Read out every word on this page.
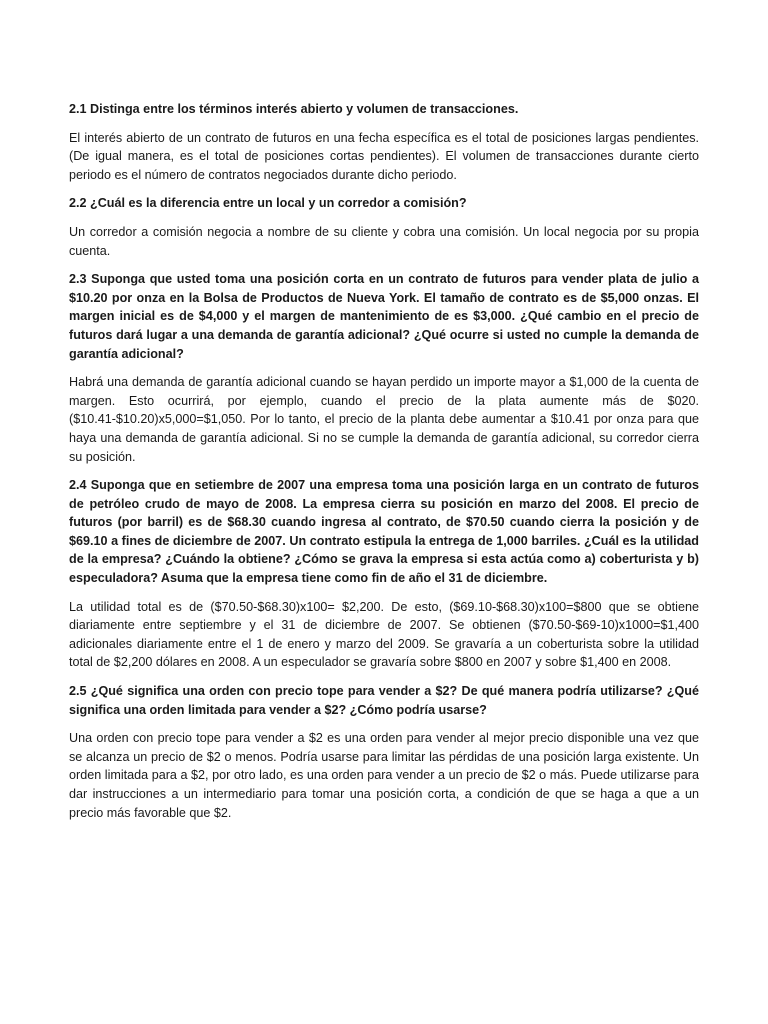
2.1 Distinga entre los términos interés abierto y volumen de transacciones.

El interés abierto de un contrato de futuros en una fecha específica es el total de posiciones largas pendientes. (De igual manera, es el total de posiciones cortas pendientes). El volumen de transacciones durante cierto periodo es el número de contratos negociados durante dicho periodo.

2.2 ¿Cuál es la diferencia entre un local y un corredor a comisión?

Un corredor a comisión negocia a nombre de su cliente y cobra una comisión. Un local negocia por su propia cuenta.

2.3 Suponga que usted toma una posición corta en un contrato de futuros para vender plata de julio a $10.20 por onza en la Bolsa de Productos de Nueva York. El tamaño de contrato es de $5,000 onzas. El margen inicial es de $4,000 y el margen de mantenimiento de es $3,000. ¿Qué cambio en el precio de futuros dará lugar a una demanda de garantía adicional? ¿Qué ocurre si usted no cumple la demanda de garantía adicional?

Habrá una demanda de garantía adicional cuando se hayan perdido un importe mayor a $1,000 de la cuenta de margen. Esto ocurrirá, por ejemplo, cuando el precio de la plata aumente más de $020. ($10.41-$10.20)x5,000=$1,050. Por lo tanto, el precio de la planta debe aumentar a $10.41 por onza para que haya una demanda de garantía adicional. Si no se cumple la demanda de garantía adicional, su corredor cierra su posición.

2.4 Suponga que en setiembre de 2007 una empresa toma una posición larga en un contrato de futuros de petróleo crudo de mayo de 2008. La empresa cierra su posición en marzo del 2008. El precio de futuros (por barril) es de $68.30 cuando ingresa al contrato, de $70.50 cuando cierra la posición y de $69.10 a fines de diciembre de 2007. Un contrato estipula la entrega de 1,000 barriles. ¿Cuál es la utilidad de la empresa? ¿Cuándo la obtiene? ¿Cómo se grava la empresa si esta actúa como a) coberturista y b) especuladora? Asuma que la empresa tiene como fin de año el 31 de diciembre.

La utilidad total es de ($70.50-$68.30)x100= $2,200. De esto, ($69.10-$68.30)x100=$800 que se obtiene diariamente entre septiembre y el 31 de diciembre de 2007. Se obtienen ($70.50-$69-10)x1000=$1,400 adicionales diariamente entre el 1 de enero y marzo del 2009. Se gravaría a un coberturista sobre la utilidad total de $2,200 dólares en 2008. A un especulador se gravaría sobre $800 en 2007 y sobre $1,400 en 2008.

2.5 ¿Qué significa una orden con precio tope para vender a $2? De qué manera podría utilizarse? ¿Qué significa una orden limitada para vender a $2? ¿Cómo podría usarse?

Una orden con precio tope para vender a $2 es una orden para vender al mejor precio disponible una vez que se alcanza un precio de $2 o menos. Podría usarse para limitar las pérdidas de una posición larga existente. Un orden limitada para a $2, por otro lado, es una orden para vender a un precio de $2 o más. Puede utilizarse para dar instrucciones a un intermediario para tomar una posición corta, a condición de que se haga a que a un precio más favorable que $2.
